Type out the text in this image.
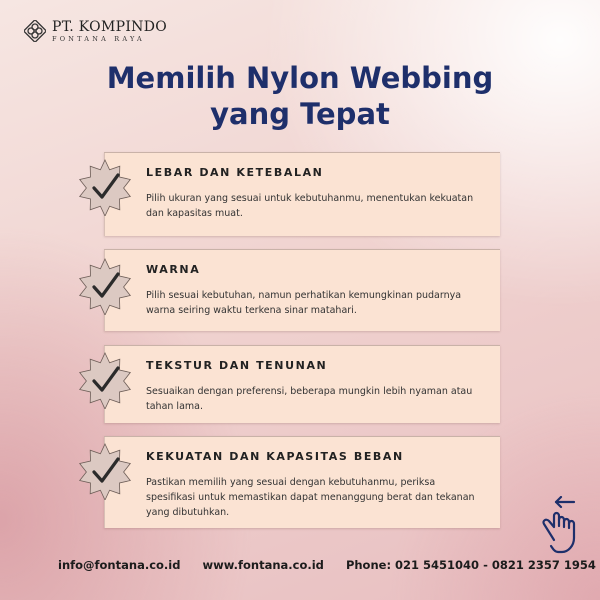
PT. KOMPINDO
FONTANA RAYA
Memilih Nylon Webbing
yang Tepat
LEBAR DAN KETEBALAN
Pilih ukuran yang sesuai untuk kebutuhanmu, menentukan kekuatan dan kapasitas muat.
WARNA
Pilih sesuai kebutuhan, namun perhatikan kemungkinan pudarnya warna seiring waktu terkena sinar matahari.
TEKSTUR DAN TENUNAN
Sesuaikan dengan preferensi, beberapa mungkin lebih nyaman atau tahan lama.
KEKUATAN DAN KAPASITAS BEBAN
Pastikan memilih yang sesuai dengan kebutuhanmu, periksa spesifikasi untuk memastikan dapat menanggung berat dan tekanan yang dibutuhkan.
info@fontana.co.id www.fontana.co.id Phone: 021 5451040 - 0821 2357 1954
